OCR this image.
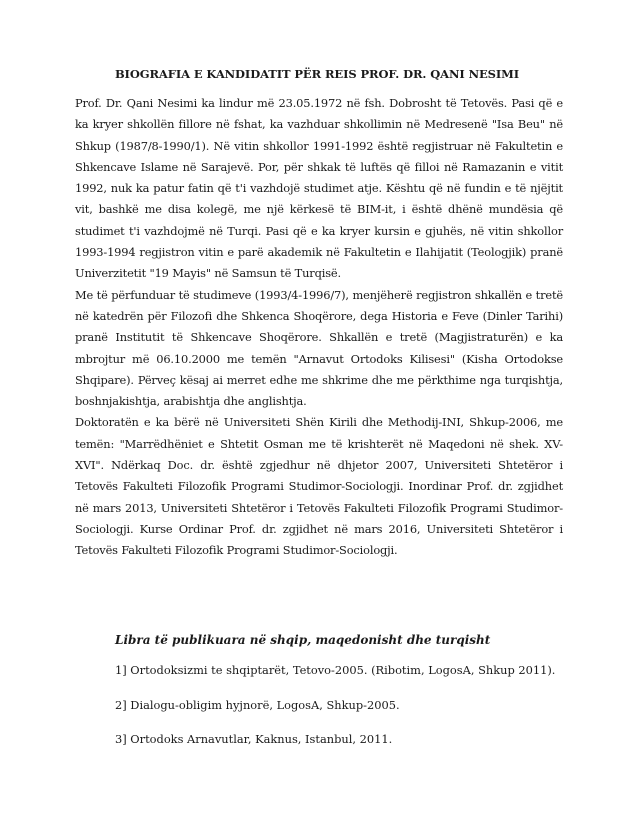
BIOGRAFIA E KANDIDATIT PËR REIS PROF. DR. QANI NESIMI

Prof. Dr. Qani Nesimi ka lindur më 23.05.1972 në fsh. Dobrosht të Tetovës. Pasi që e ka kryer shkollën fillore në fshat, ka vazhduar shkollimin në Medresenë "Isa Beu" në Shkup (1987/8-1990/1). Në vitin shkollor 1991-1992 është regjistruar në Fakultetin e Shkencave Islame në Sarajevë. Por, për shkak të luftës që filloi në Ramazanin e vitit 1992, nuk ka patur fatin që t'i vazhdojë studimet atje. Kështu që në fundin e të njëjtit vit, bashkë me disa kolegë, me një kërkesë të BIM-it, i është dhënë mundësia që studimet t'i vazhdojmë në Turqi. Pasi që e ka kryer kursin e gjuhës, në vitin shkollor 1993-1994 regjistron vitin e parë akademik në Fakultetin e Ilahijatit (Teologjik) pranë Univerzitetit "19 Mayis" në Samsun të Turqisë.

Me të përfunduar të studimeve (1993/4-1996/7), menjëherë regjistron shkallën e tretë në katedrën për Filozofi dhe Shkenca Shoqërore, dega Historia e Feve (Dinler Tarihi) pranë Institutit të Shkencave Shoqërore. Shkallën e tretë (Magjistraturën) e ka mbrojtur më 06.10.2000 me temën "Arnavut Ortodoks Kilisesi" (Kisha Ortodokse Shqipare). Përveç kësaj ai merret edhe me shkrime dhe me përkthime nga turqishtja, boshnjakishtja, arabishtja dhe anglishtja.

Doktoratën e ka bërë në Universiteti Shën Kirili dhe Methodij-INI, Shkup-2006, me temën: "Marrëdhëniet e Shtetit Osman me të krishterët në Maqedoni në shek. XV-XVI". Ndërkaq Doc. dr. është zgjedhur në dhjetor 2007, Universiteti Shtetëror i Tetovës Fakulteti Filozofik Programi Studimor-Sociologji. Inordinar Prof. dr. zgjidhet në mars 2013, Universiteti Shtetëror i Tetovës Fakulteti Filozofik Programi Studimor-Sociologji. Kurse Ordinar Prof. dr. zgjidhet në mars 2016, Universiteti Shtetëror i Tetovës Fakulteti Filozofik Programi Studimor-Sociologji.

Libra të publikuara në shqip, maqedonisht dhe turqisht
1] Ortodoksizmi te shqiptarët, Tetovo-2005. (Ribotim, LogosA, Shkup 2011).
2] Dialogu-obligim hyjnorë, LogosA, Shkup-2005.
3] Ortodoks Arnavutlar, Kaknus, Istanbul, 2011.
